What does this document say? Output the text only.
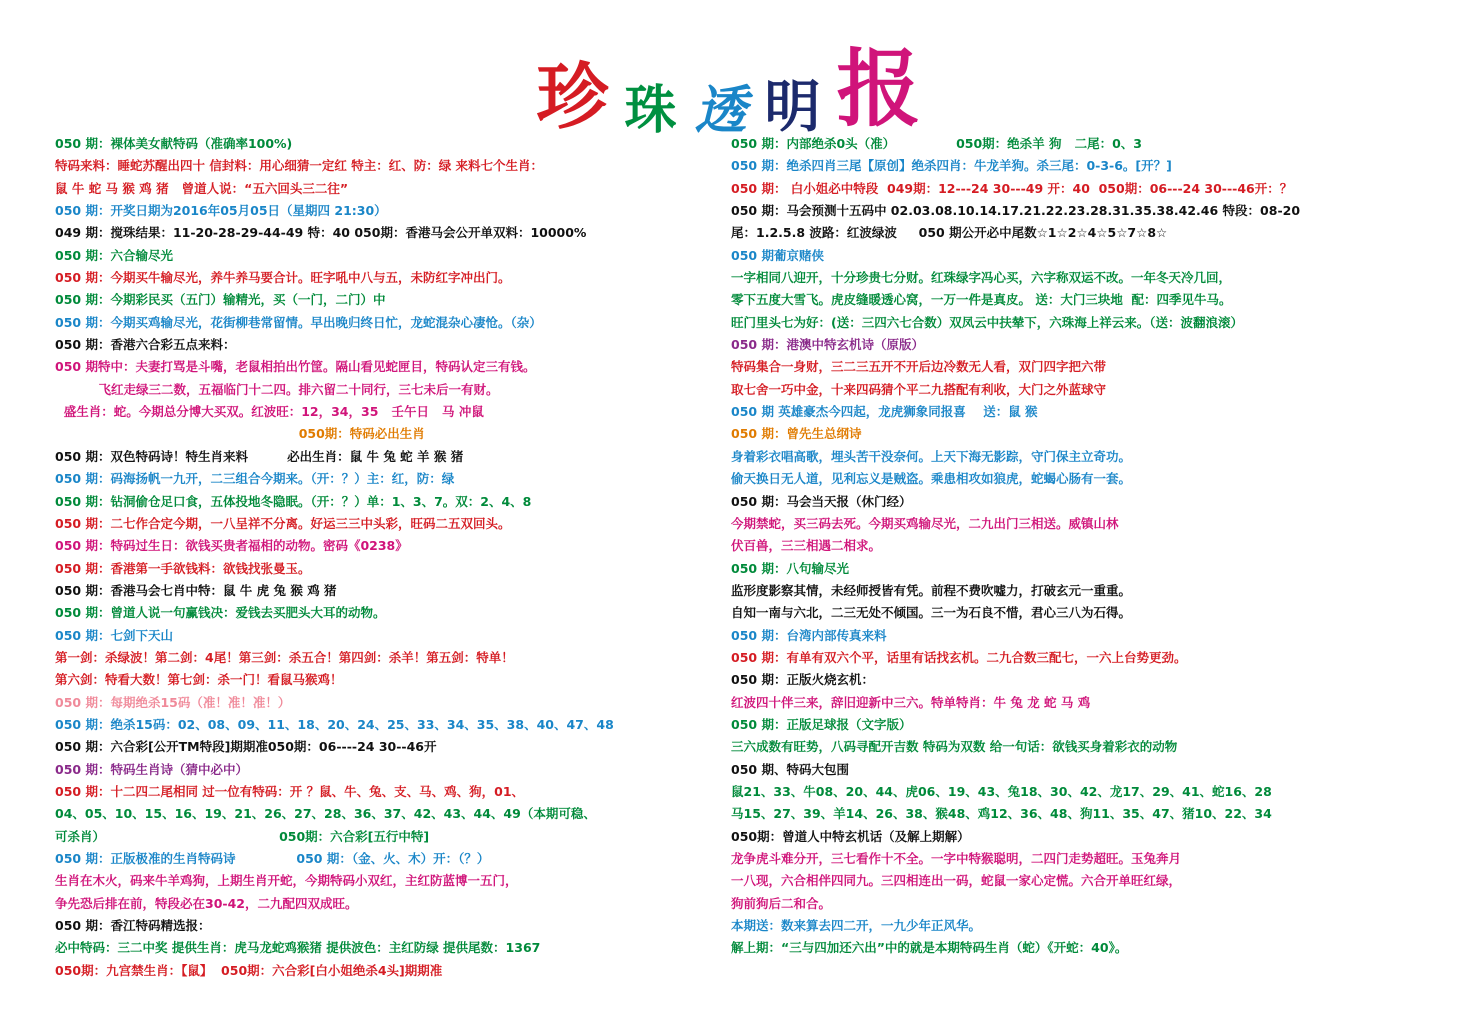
珍 珠 透 明 报
050 期：裸体美女献特码（准确率100%)
特码来料：睡蛇苏醒出四十 信封料：用心细猜一定红 特主：红、防：绿 来料七个生肖：
鼠 牛 蛇 马 猴 鸡 猪   曾道人说：“五六回头三二往”
050 期：开奖日期为2016年05月05日（星期四 21:30）
049 期：搅珠结果：11-20-28-29-44-49 特：40 050期：香港马会公开单双料：10000%
050 期：六合输尽光
050 期：今期买牛输尽光，养牛养马要合计。旺字吼中八与五，未防红字冲出门。
050 期：今期彩民买（五门）输精光，买（一门，二门）中
050 期：今期买鸡输尽光，花街柳巷常留情。早出晚归终日忙，龙蛇混杂心凄怆。（杂）
050 期：香港六合彩五点来料：
050 期特中：夫妻打骂是斗嘴，老鼠相拍出竹筐。隔山看见蛇匣目，特码认定三有钱。
飞红走绿三二数，五福临门十二四。排六留二十同行，三七未后一有财。
盛生肖：蛇。今期总分博大买双。红波旺：12，34，35   壬午日   马 冲鼠
050期：特码必出生肖
050 期：双色特码诗！特生肖来料         必出生肖：鼠 牛 兔 蛇 羊 猴 猪
050 期：码海扬帆一九开，二三组合今期来。（开：？）主：红，防：绿
050 期：钻洞偷仓足口食，五体投地冬隐眠。（开：？）单：1、3、7。双：2、4、8
050 期：二七作合定今期，一八呈祥不分离。好运三三中头彩，旺码二五双回头。
050 期：特码过生日：欲钱买贵者福相的动物。密码《0238》
050 期：香港第一手欲钱料：欲钱找张曼玉。
050 期：香港马会七肖中特：鼠 牛 虎 兔 猴 鸡 猪
050 期：曾道人说一句赢钱决：爱钱去买肥头大耳的动物。
050 期：七剑下天山
第一剑：杀绿波！第二剑：4尾！第三剑：杀五合！第四剑：杀羊！第五剑：特单！
第六剑：特看大数！第七剑：杀一门！看鼠马猴鸡！
050 期：每期绝杀15码（准！准！准！）
050 期：绝杀15码：02、08、09、11、18、20、24、25、33、34、35、38、40、47、48
050 期：六合彩[公开TM特段]期期准050期：06----24 30--46开
050 期：特码生肖诗（猜中必中）
050 期：十二四二尾相同 过一位有特码：开 ？鼠、牛、兔、支、马、鸡、狗，01、
04、05、10、15、16、19、21、26、27、28、36、37、42、43、44、49（本期可稳、
可杀肖）                                        050期：六合彩[五行中特]
050 期：正版极准的生肖特码诗              050 期：（金、火、木）开：（？）
生肖在木火，码来牛羊鸡狗，上期生肖开蛇，今期特码小双红，主红防蓝博一五门，
争先恐后排在前，特段必在30-42，二九配四双成旺。
050 期：香江特码精选报：
必中特码：三二中奖 提供生肖：虎马龙蛇鸡猴猪 提供波色：主红防绿 提供尾数：1367
050期：九宫禁生肖：【鼠】  050期：六合彩[白小姐绝杀4头]期期准
050 期：内部绝杀0头（准）              050期：绝杀羊 狗   二尾：0、3
050 期：绝杀四肖三尾【原创】绝杀四肖：牛龙羊狗。杀三尾：0-3-6。[开？]
050 期： 白小姐必中特段  049期：12---24 30---49 开：40  050期：06---24 30---46开：？
050 期：马会预测十五码中 02.03.08.10.14.17.21.22.23.28.31.35.38.42.46 特段：08-20
尾：1.2.5.8 波路：红波绿波     050 期公开必中尾数☆1☆2☆4☆5☆7☆8☆
050 期葡京赌侠
一字相同八迎开，十分珍贵七分财。红珠绿字冯心买，六字称双运不改。一年冬天冷几回，
零下五度大雪飞。虎皮缝暖透心窝，一万一件是真皮。 送：大门三块地  配：四季见牛马。
旺门里头七为好：(送：三四六七合数）双凤云中扶辇下，六珠海上祥云来。（送：波翻浪滚）
050 期：港澳中特玄机诗（原版）
特码集合一身财，三二三五开不开后边冷数无人看，双门四字把六带
取七舍一巧中金，十来四码猜个平二九搭配有利收，大门之外蓝球守
050 期 英雄豪杰今四起，龙虎狮象同报喜    送：鼠 猴
050 期：曾先生总纲诗
身着彩衣唱高歌，埋头苦干没奈何。上天下海无影踪，守门保主立奇功。
偷天换日无人道，见利忘义是贼盗。乘患相攻如狼虎，蛇蝎心肠有一套。
050 期：马会当天报（休门经）
今期禁蛇，买三码去死。今期买鸡输尽光，二九出门三相送。威镇山林
伏百兽，三三相遇二相求。
050 期：八句输尽光
监形度影察其情，未经师授皆有凭。前程不费吹嘘力，打破玄元一重重。
自知一南与六北，二三无处不倾国。三一为石良不惜，君心三八为石得。
050 期：台湾内部传真来料
050 期：有单有双六个平，话里有话找玄机。二九合数三配七，一六上台势更劲。
050 期：正版火烧玄机：
红波四十伴三来，辞旧迎新中三六。特单特肖：牛 兔 龙 蛇 马 鸡
050 期：正版足球报（文字版）
三六成数有旺势，八码寻配开吉数 特码为双数 给一句话：欲钱买身着彩衣的动物
050 期、特码大包围
鼠21、33、牛08、20、44、虎06、19、43、兔18、30、42、龙17、29、41、蛇16、28
马15、27、39、羊14、26、38、猴48、鸡12、36、48、狗11、35、47、猪10、22、34
050期：曾道人中特玄机话（及解上期解）
龙争虎斗难分开，三七看作十不全。一字中特猴聪明，二四门走势超旺。玉兔奔月
一八现，六合相伴四同九。三四相连出一码，蛇鼠一家心定慌。六合开单旺红绿，
狗前狗后二和合。
本期送：数来算去四二开，一九少年正风华。
解上期：“三与四加还六出”中的就是本期特码生肖（蛇）《开蛇：40》。
